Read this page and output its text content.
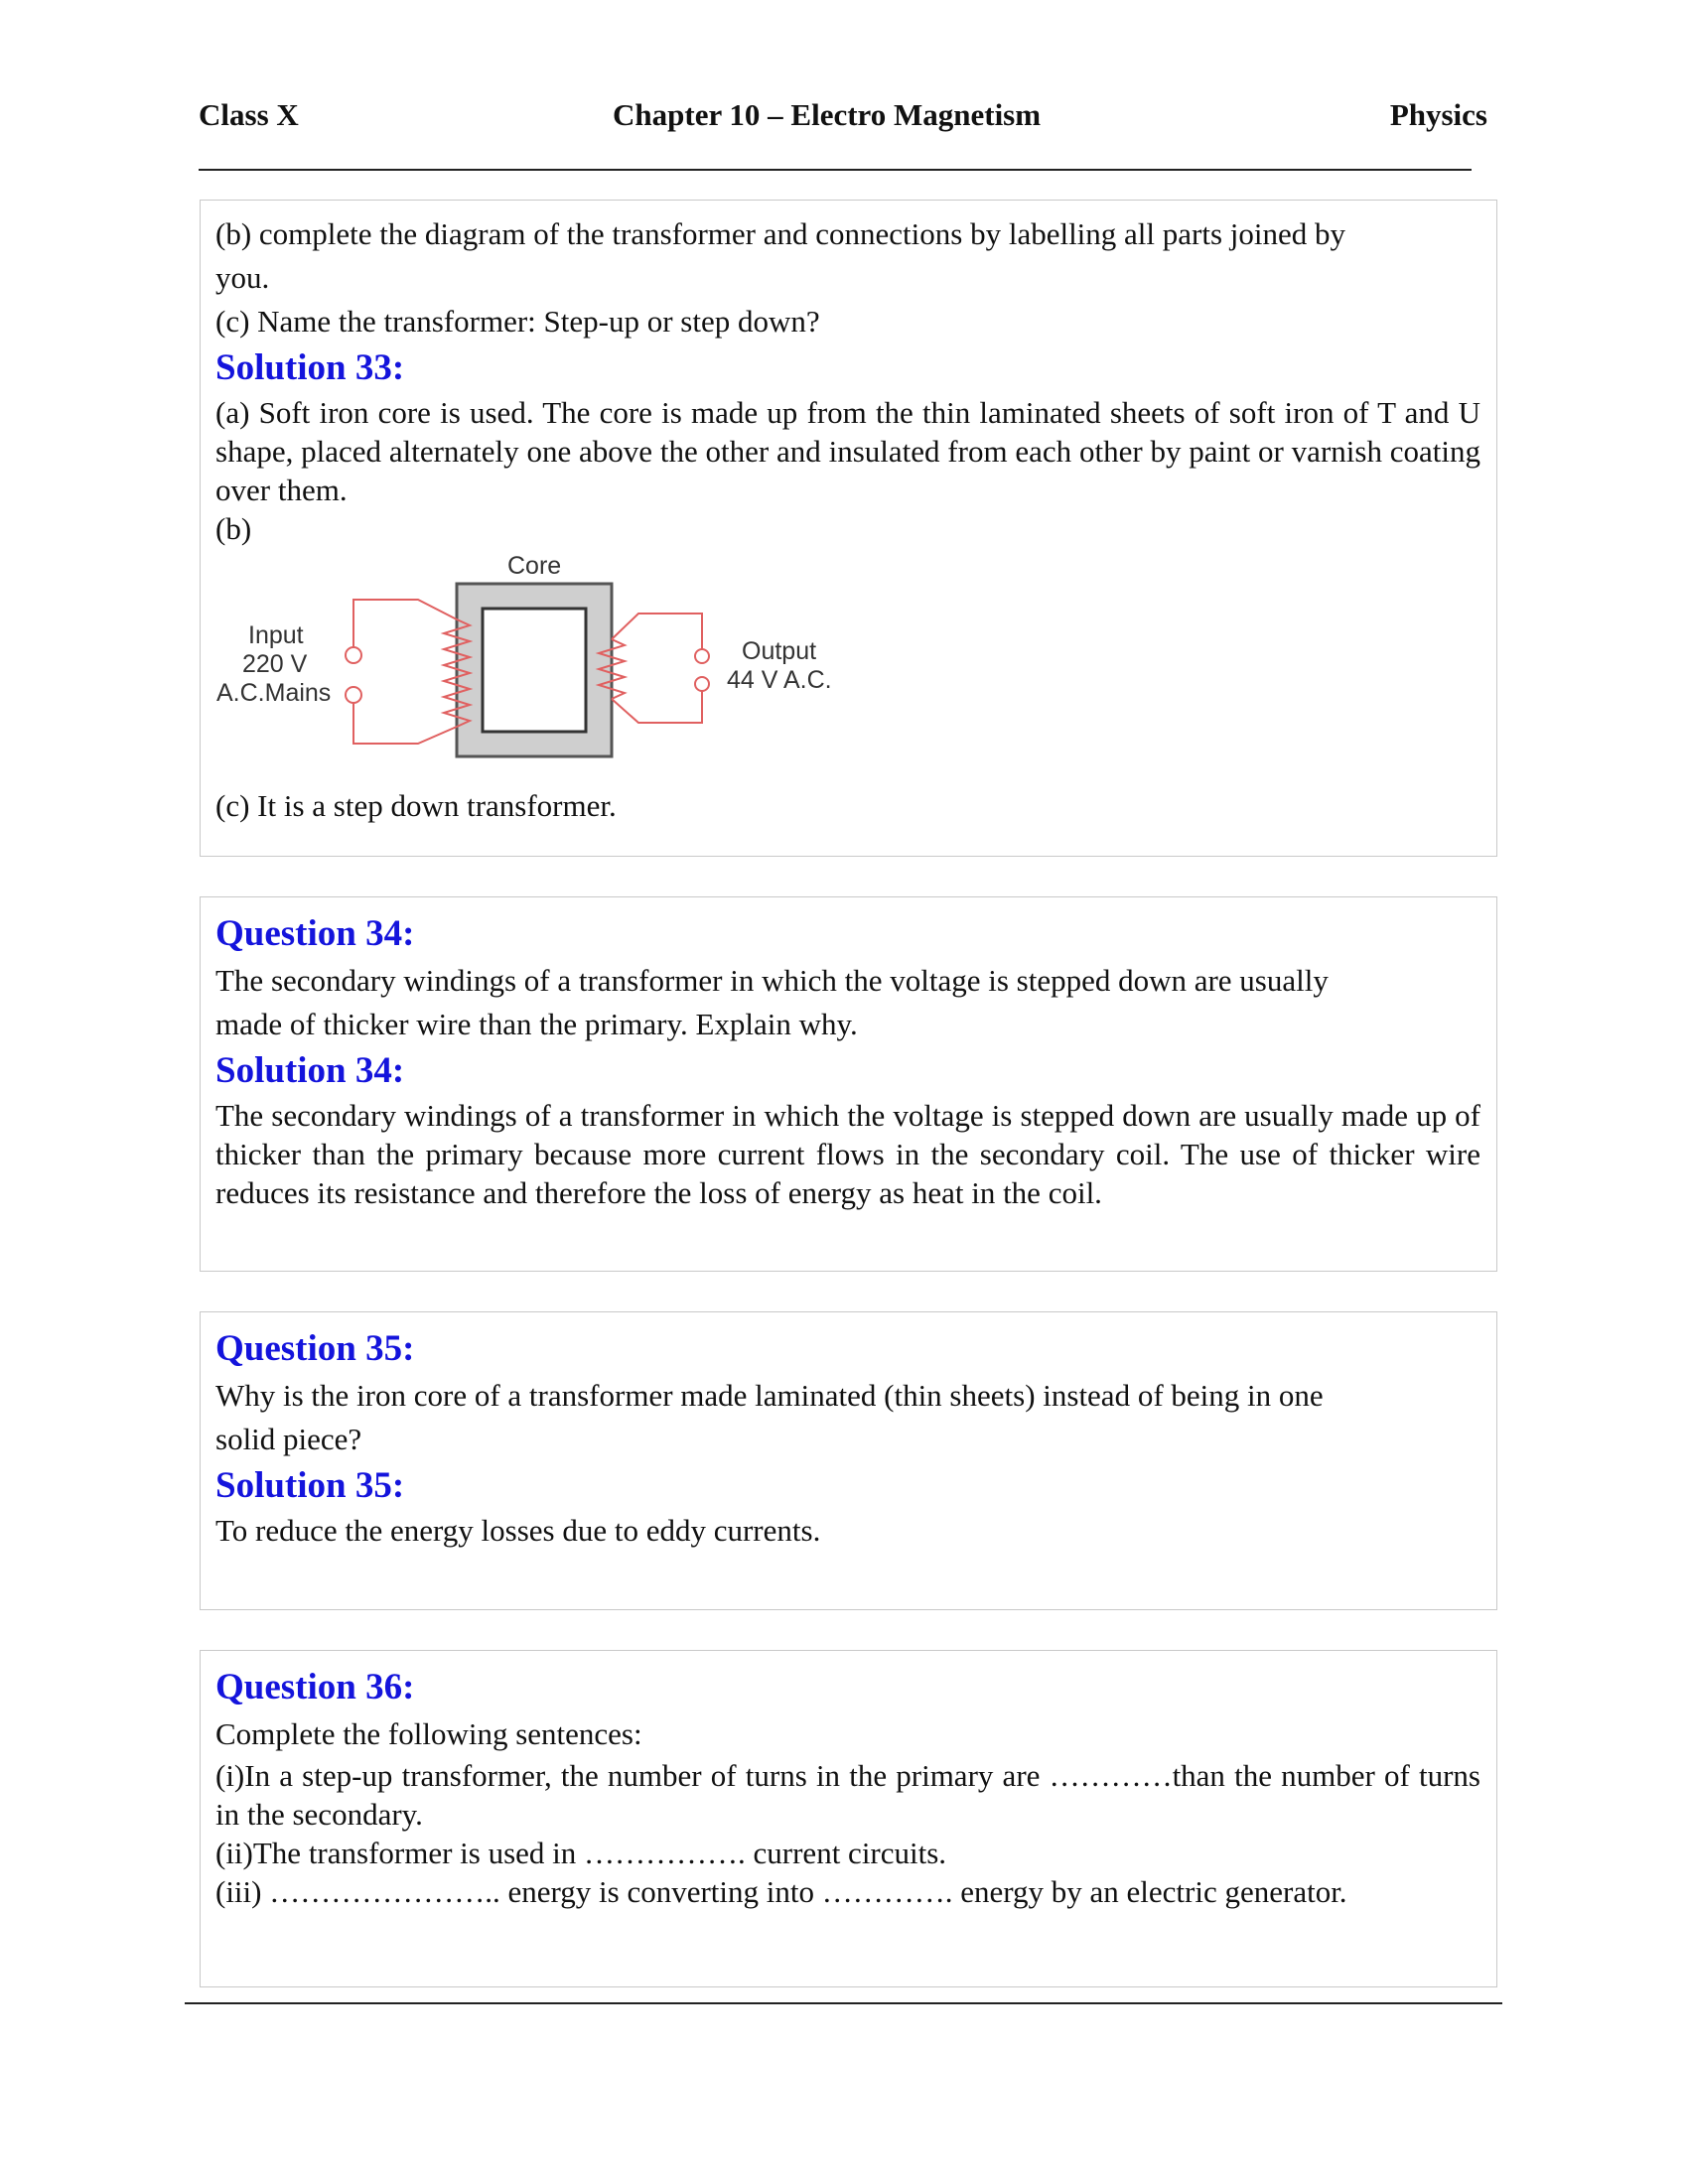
Class X	Chapter 10 – Electro Magnetism	Physics

(b) complete the diagram of the transformer and connections by labelling all parts joined by

you.

(c) Name the transformer: Step-up or step down?

Solution 33:

(a) Soft iron core is used. The core is made up from the thin laminated sheets of soft iron of T and U shape, placed alternately one above the other and insulated from each other by paint or varnish coating over them.

(b)

Core
Input
220 V
A.C.Mains
Output
44 V A.C.

(c) It is a step down transformer.

Question 34:

The secondary windings of a transformer in which the voltage is stepped down are usually

made of thicker wire than the primary. Explain why.

Solution 34:

The secondary windings of a transformer in which the voltage is stepped down are usually made up of thicker than the primary because more current flows in the secondary coil. The use of thicker wire reduces its resistance and therefore the loss of energy as heat in the coil.

Question 35:

Why is the iron core of a transformer made laminated (thin sheets) instead of being in one

solid piece?

Solution 35:

To reduce the energy losses due to eddy currents.

Question 36:

Complete the following sentences:

(i)In a step-up transformer, the number of turns in the primary are …………than the number of turns in the secondary.

(ii)The transformer is used in ……………. current circuits.

(iii) ………………….. energy is converting into …………. energy by an electric generator.
